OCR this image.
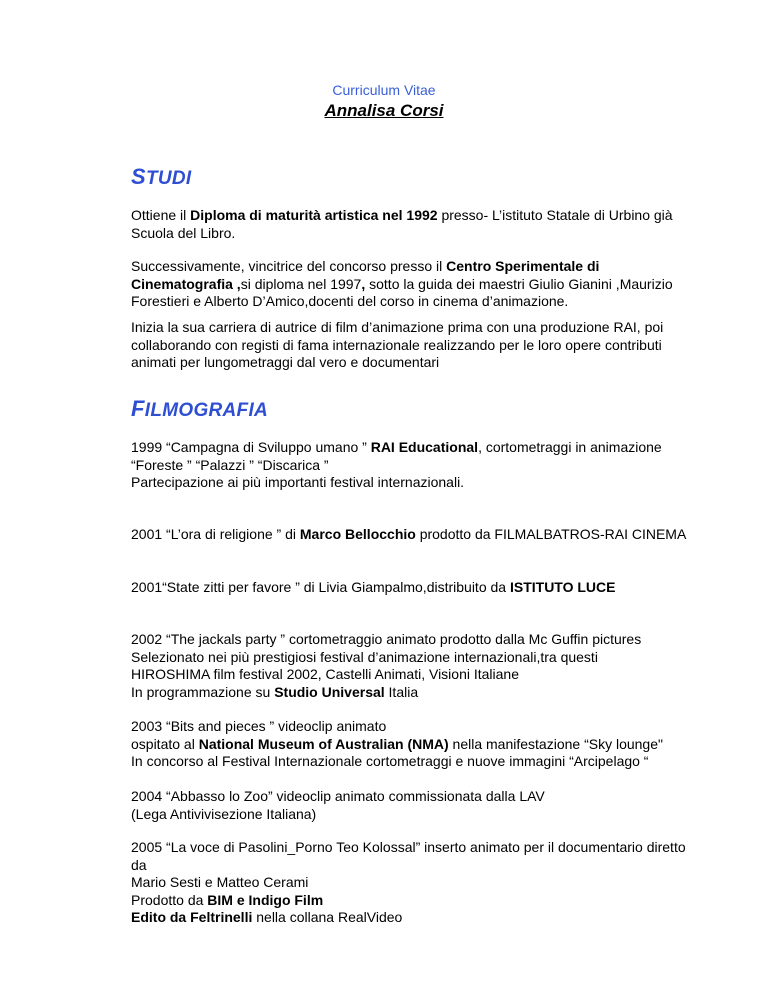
Curriculum Vitae
Annalisa Corsi
STUDI

Ottiene il Diploma di maturità artistica nel 1992 presso- L’istituto Statale di Urbino già Scuola del Libro.

Successivamente, vincitrice del concorso presso il Centro Sperimentale di Cinematografia ,si diploma nel 1997, sotto la guida dei maestri Giulio Gianini ,Maurizio Forestieri e Alberto D’Amico,docenti del corso in cinema d’animazione.

Inizia la sua carriera di autrice di film d’animazione prima con una produzione RAI, poi collaborando con registi di fama internazionale realizzando per le loro opere contributi animati per lungometraggi dal vero e documentari

FILMOGRAFIA

1999 “Campagna di Sviluppo umano ” RAI Educational, cortometraggi in animazione

“Foreste ” “Palazzi ” “Discarica ”

Partecipazione ai più importanti festival internazionali.

2001 “L’ora di religione ” di Marco Bellocchio prodotto da FILMALBATROS-RAI CINEMA

2001“State zitti per favore ” di Livia Giampalmo,distribuito da ISTITUTO LUCE

2002 “The jackals party ” cortometraggio animato prodotto dalla Mc Guffin pictures

Selezionato nei più prestigiosi festival d’animazione internazionali,tra questi

HIROSHIMA film festival 2002, Castelli Animati, Visioni Italiane

In programmazione su Studio Universal Italia

2003 “Bits and pieces ” videoclip animato

ospitato al National Museum of Australian (NMA) nella manifestazione “Sky lounge"

In concorso al Festival Internazionale cortometraggi e nuove immagini “Arcipelago “

2004 “Abbasso lo Zoo” videoclip animato commissionata dalla LAV

(Lega Antivivisezione Italiana)

2005 “La voce di Pasolini_Porno Teo Kolossal” inserto animato per il documentario diretto da

Mario Sesti e Matteo Cerami

Prodotto da BIM e Indigo Film

Edito da Feltrinelli nella collana RealVideo
